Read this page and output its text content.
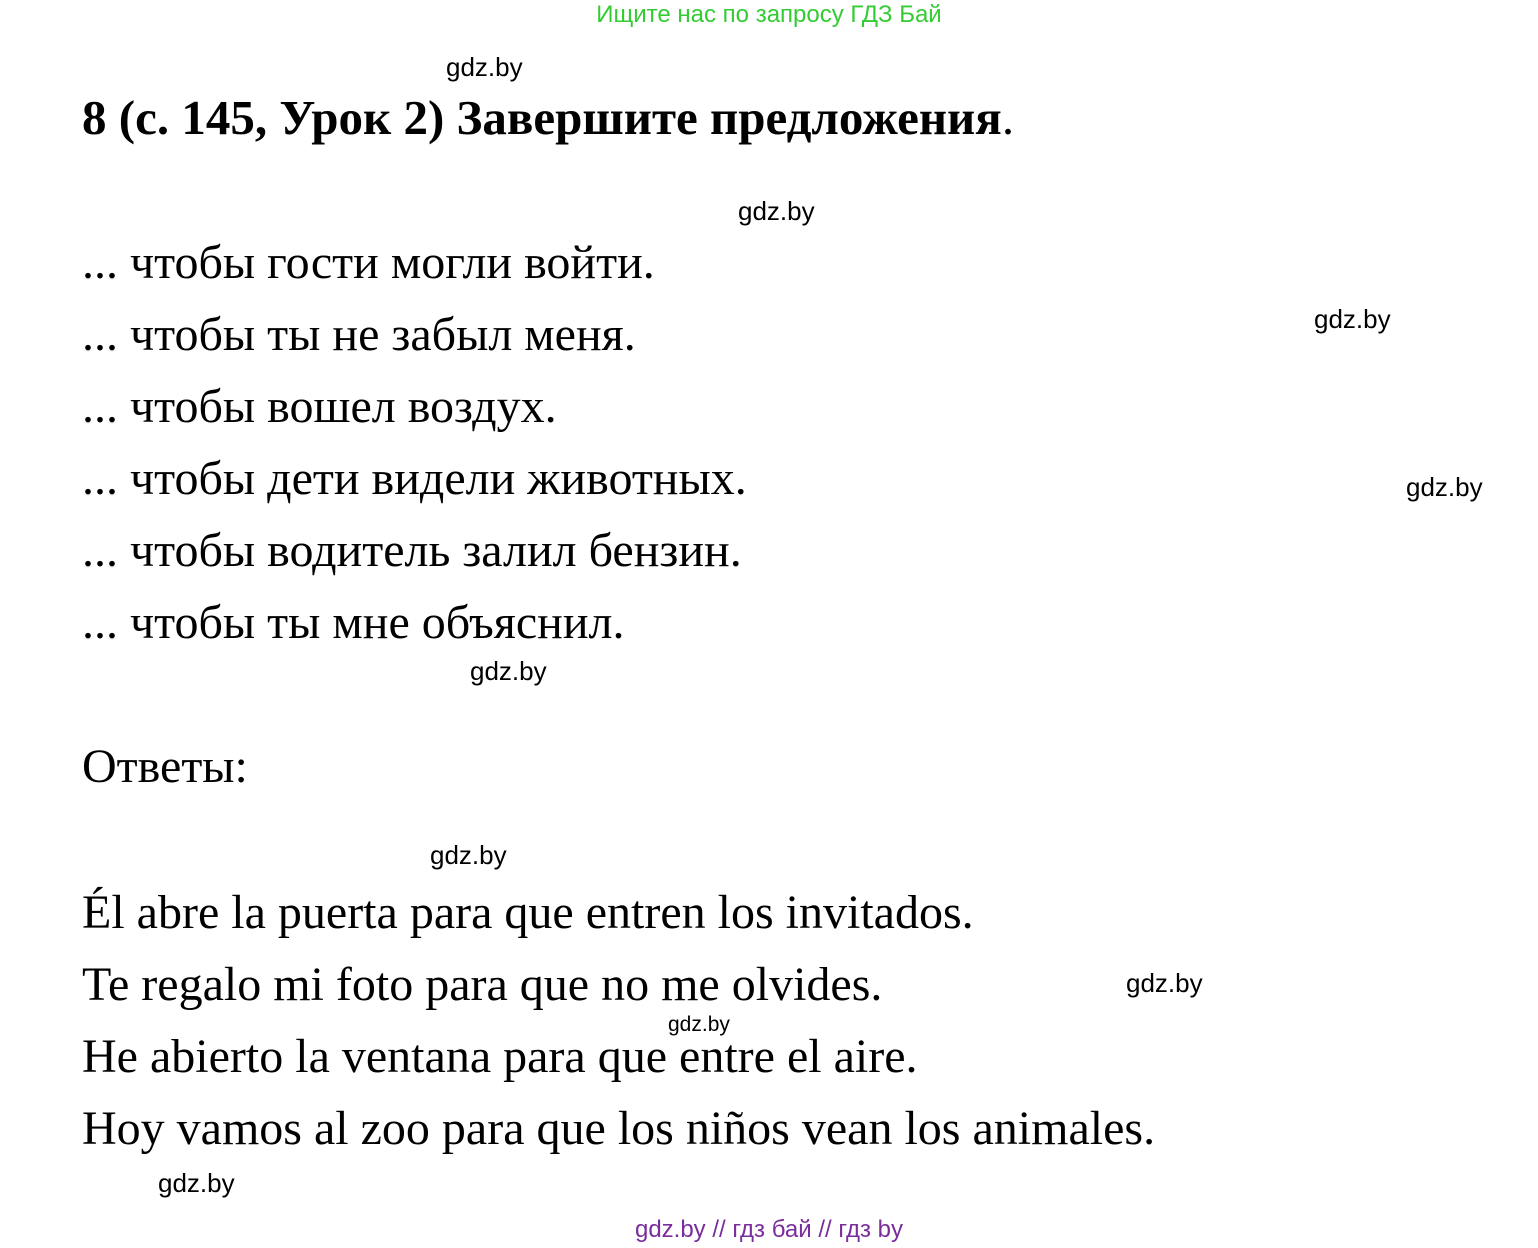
Ищите нас по запросу ГДЗ Бай
gdz.by
8 (с. 145, Урок 2) Завершите предложения.
gdz.by
... чтобы гости могли войти.
... чтобы ты не забыл меня.
... чтобы вошел воздух.
... чтобы дети видели животных.
... чтобы водитель залил бензин.
... чтобы ты мне объяснил.
gdz.by
gdz.by
gdz.by
Ответы:
gdz.by
Él abre la puerta para que entren los invitados.
Te regalo mi foto para que no me olvides.
He abierto la ventana para que entre el aire.
Hoy vamos al zoo para que los niños vean los animales.
gdz.by
gdz.by
gdz.by
gdz.by // гдз бай // гдз by
